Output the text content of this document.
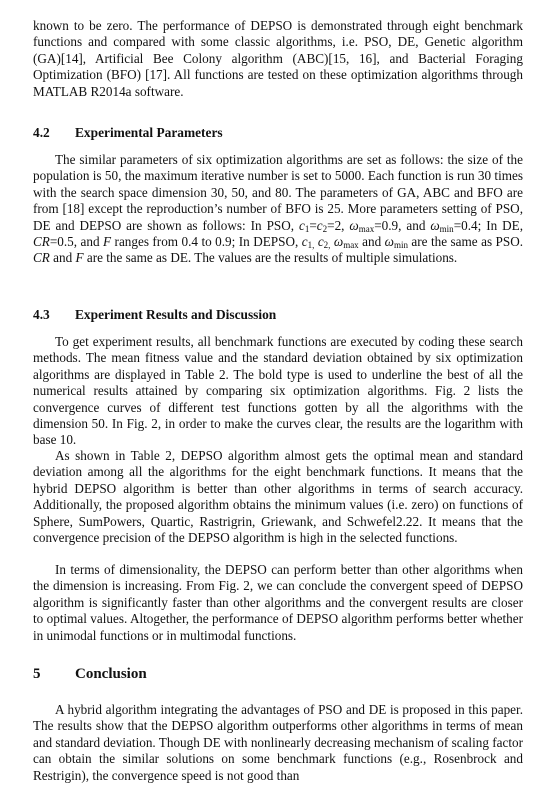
known to be zero. The performance of DEPSO is demonstrated through eight benchmark functions and compared with some classic algorithms, i.e. PSO, DE, Genetic algorithm (GA)[14], Artificial Bee Colony algorithm (ABC)[15, 16], and Bacterial Foraging Optimization (BFO) [17]. All functions are tested on these optimization algorithms through MATLAB R2014a software.

4.2 Experimental Parameters

The similar parameters of six optimization algorithms are set as follows: the size of the population is 50, the maximum iterative number is set to 5000. Each function is run 30 times with the search space dimension 30, 50, and 80. The parameters of GA, ABC and BFO are from [18] except the reproduction’s number of BFO is 25. More parameters setting of PSO, DE and DEPSO are shown as follows: In PSO, $c_1=c_2=2$, $\omega_{max}=0.9$, and $\omega_{min}=0.4$; In DE, CR=0.5, and F ranges from 0.4 to 0.9; In DEPSO, $c_{1,}$ $c_{2,}$ $\omega_{max}$ and $\omega_{min}$ are the same as PSO. CR and F are the same as DE. The values are the results of multiple simulations.

4.3 Experiment Results and Discussion

To get experiment results, all benchmark functions are executed by coding these search methods. The mean fitness value and the standard deviation obtained by six optimization algorithms are displayed in Table 2. The bold type is used to underline the best of all the numerical results attained by comparing six optimization algorithms. Fig. 2 lists the convergence curves of different test functions gotten by all the algorithms with the dimension 50. In Fig. 2, in order to make the curves clear, the results are the logarithm with base 10.

As shown in Table 2, DEPSO algorithm almost gets the optimal mean and standard deviation among all the algorithms for the eight benchmark functions. It means that the hybrid DEPSO algorithm is better than other algorithms in terms of search accuracy. Additionally, the proposed algorithm obtains the minimum values (i.e. zero) on functions of Sphere, SumPowers, Quartic, Rastrigrin, Griewank, and Schwefel2.22. It means that the convergence precision of the DEPSO algorithm is high in the selected functions.

In terms of dimensionality, the DEPSO can perform better than other algorithms when the dimension is increasing. From Fig. 2, we can conclude the convergent speed of DEPSO algorithm is significantly faster than other algorithms and the convergent results are closer to optimal values. Altogether, the performance of DEPSO algorithm performs better whether in unimodal functions or in multimodal functions.

5 Conclusion

A hybrid algorithm integrating the advantages of PSO and DE is proposed in this paper. The results show that the DEPSO algorithm outperforms other algorithms in terms of mean and standard deviation. Though DE with nonlinearly decreasing mechanism of scaling factor can obtain the similar solutions on some benchmark functions (e.g., Rosenbrock and Restrigin), the convergence speed is not good than
